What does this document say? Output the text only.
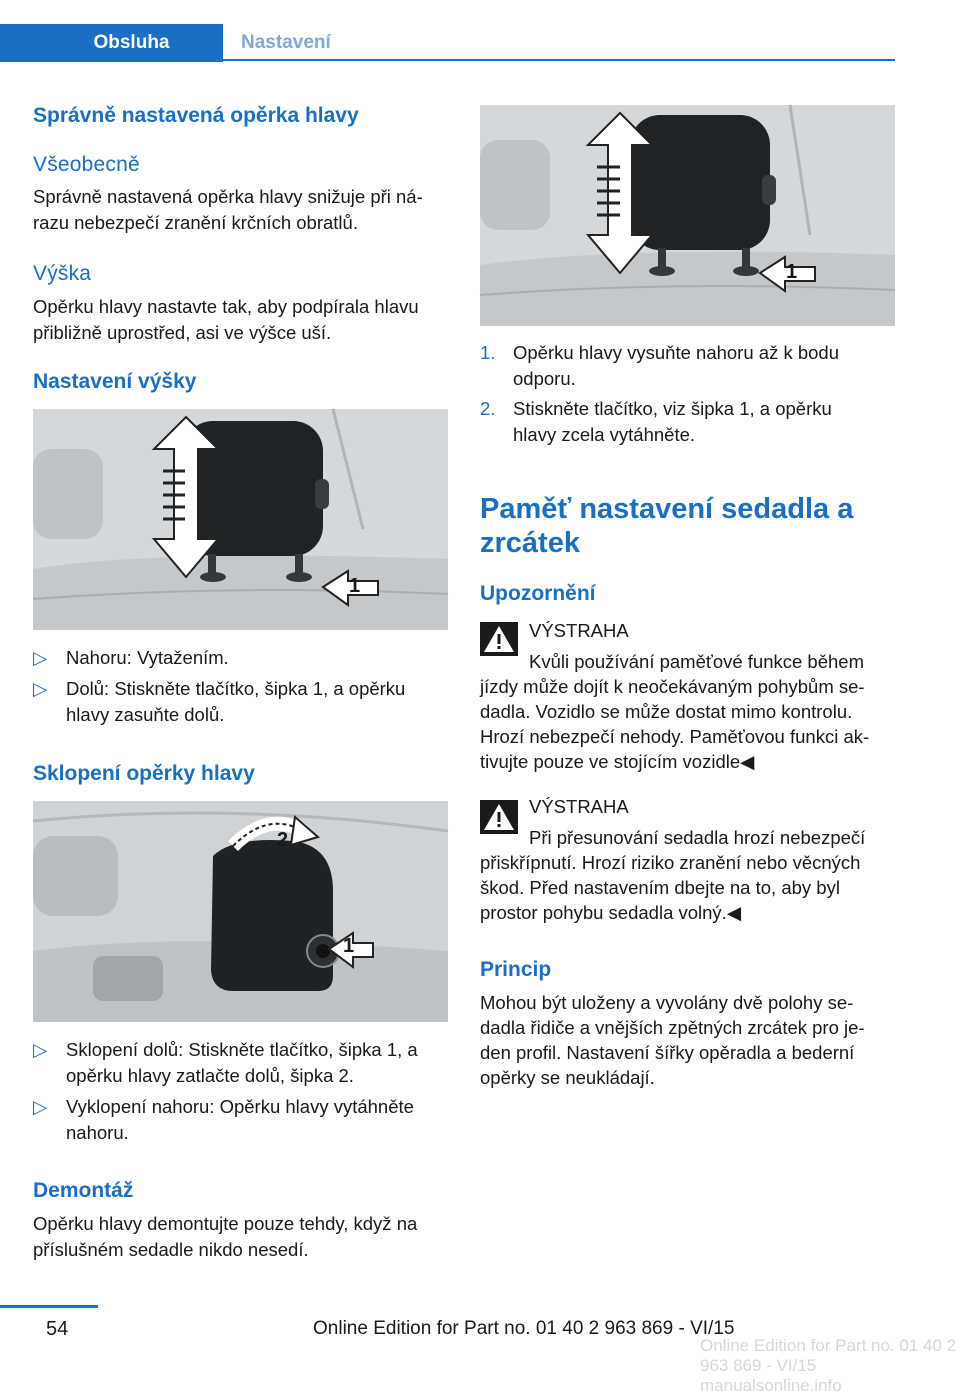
Obsluha	Nastavení
Správně nastavená opěrka hlavy
Všeobecně
Správně nastavená opěrka hlavy snižuje při ná‐
razu nebezpečí zranění krčních obratlů.
Výška
Opěrku hlavy nastavte tak, aby podpírala hlavu
přibližně uprostřed, asi ve výšce uší.
Nastavení výšky
1
▷	Nahoru: Vytažením.
▷	Dolů: Stiskněte tlačítko, šipka 1, a opěrku
hlavy zasuňte dolů.
Sklopení opěrky hlavy
2
1
▷	Sklopení dolů: Stiskněte tlačítko, šipka 1, a
opěrku hlavy zatlačte dolů, šipka 2.
▷	Vyklopení nahoru: Opěrku hlavy vytáhněte
nahoru.
Demontáž
Opěrku hlavy demontujte pouze tehdy, když na
příslušném sedadle nikdo nesedí.
1
1. Opěrku hlavy vysuňte nahoru až k bodu
odporu.
2. Stiskněte tlačítko, viz šipka 1, a opěrku
hlavy zcela vytáhněte.
Paměť nastavení sedadla a
zrcátek
Upozornění
VÝSTRAHA
Kvůli používání paměťové funkce během
jízdy může dojít k neočekávaným pohybům se‐
dadla. Vozidlo se může dostat mimo kontrolu.
Hrozí nebezpečí nehody. Paměťovou funkci ak‐
tivujte pouze ve stojícím vozidle◀
VÝSTRAHA
Při přesunování sedadla hrozí nebezpečí
přiskřípnutí. Hrozí riziko zranění nebo věcných
škod. Před nastavením dbejte na to, aby byl
prostor pohybu sedadla volný.◀
Princip
Mohou být uloženy a vyvolány dvě polohy se‐
dadla řidiče a vnějších zpětných zrcátek pro je‐
den profil. Nastavení šířky opěradla a bederní
opěrky se neukládají.
54	Online Edition for Part no. 01 40 2 963 869 - VI/15
Online Edition for Part no. 01 40 2 963 869 - VI/15 manualsonline.info
